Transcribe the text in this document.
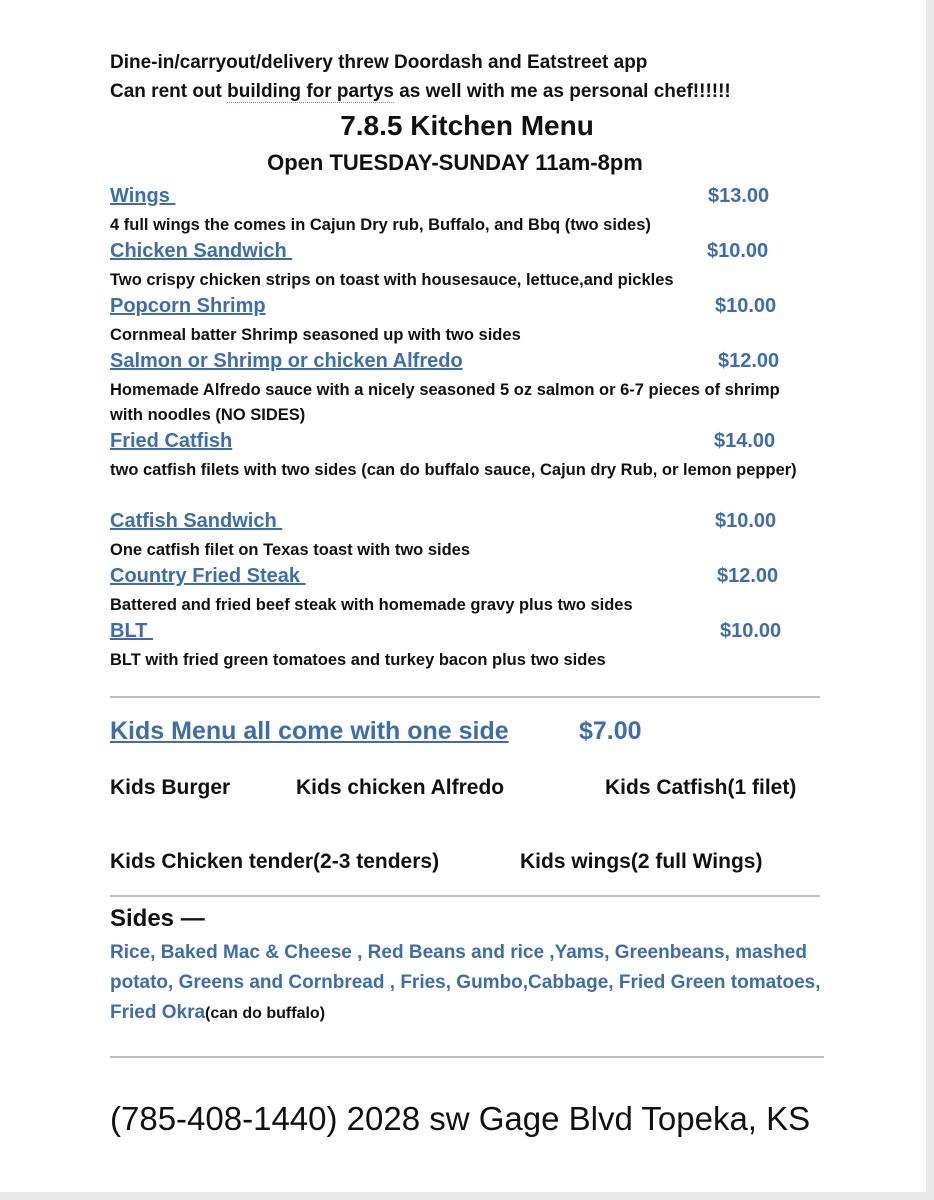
Dine-in/carryout/delivery threw Doordash and Eatstreet app
Can rent out building for partys as well with me as personal chef!!!!!!
7.8.5 Kitchen Menu
Open TUESDAY-SUNDAY 11am-8pm
Wings	$13.00
4 full wings the comes in Cajun Dry rub, Buffalo, and Bbq (two sides)
Chicken Sandwich	$10.00
Two crispy chicken strips on toast with housesauce, lettuce,and pickles
Popcorn Shrimp	$10.00
Cornmeal batter Shrimp seasoned up with two sides
Salmon or Shrimp or chicken Alfredo	$12.00
Homemade Alfredo sauce with a nicely seasoned 5 oz salmon or 6-7 pieces of shrimp with noodles (NO SIDES)
Fried Catfish	$14.00
two catfish filets with two sides (can do buffalo sauce, Cajun dry Rub, or lemon pepper)
Catfish Sandwich	$10.00
One catfish filet on Texas toast with two sides
Country Fried Steak	$12.00
Battered and fried beef steak with homemade gravy plus two sides
BLT	$10.00
BLT with fried green tomatoes and turkey bacon plus two sides
Kids Menu all come with one side	$7.00
Kids Burger	Kids chicken Alfredo	Kids Catfish(1 filet)
Kids Chicken tender(2-3 tenders)	Kids wings(2 full Wings)
Sides —
Rice, Baked Mac & Cheese , Red Beans and rice ,Yams, Greenbeans, mashed potato, Greens and Cornbread , Fries, Gumbo,Cabbage, Fried Green tomatoes, Fried Okra(can do buffalo)
(785-408-1440) 2028 sw Gage Blvd Topeka, KS
